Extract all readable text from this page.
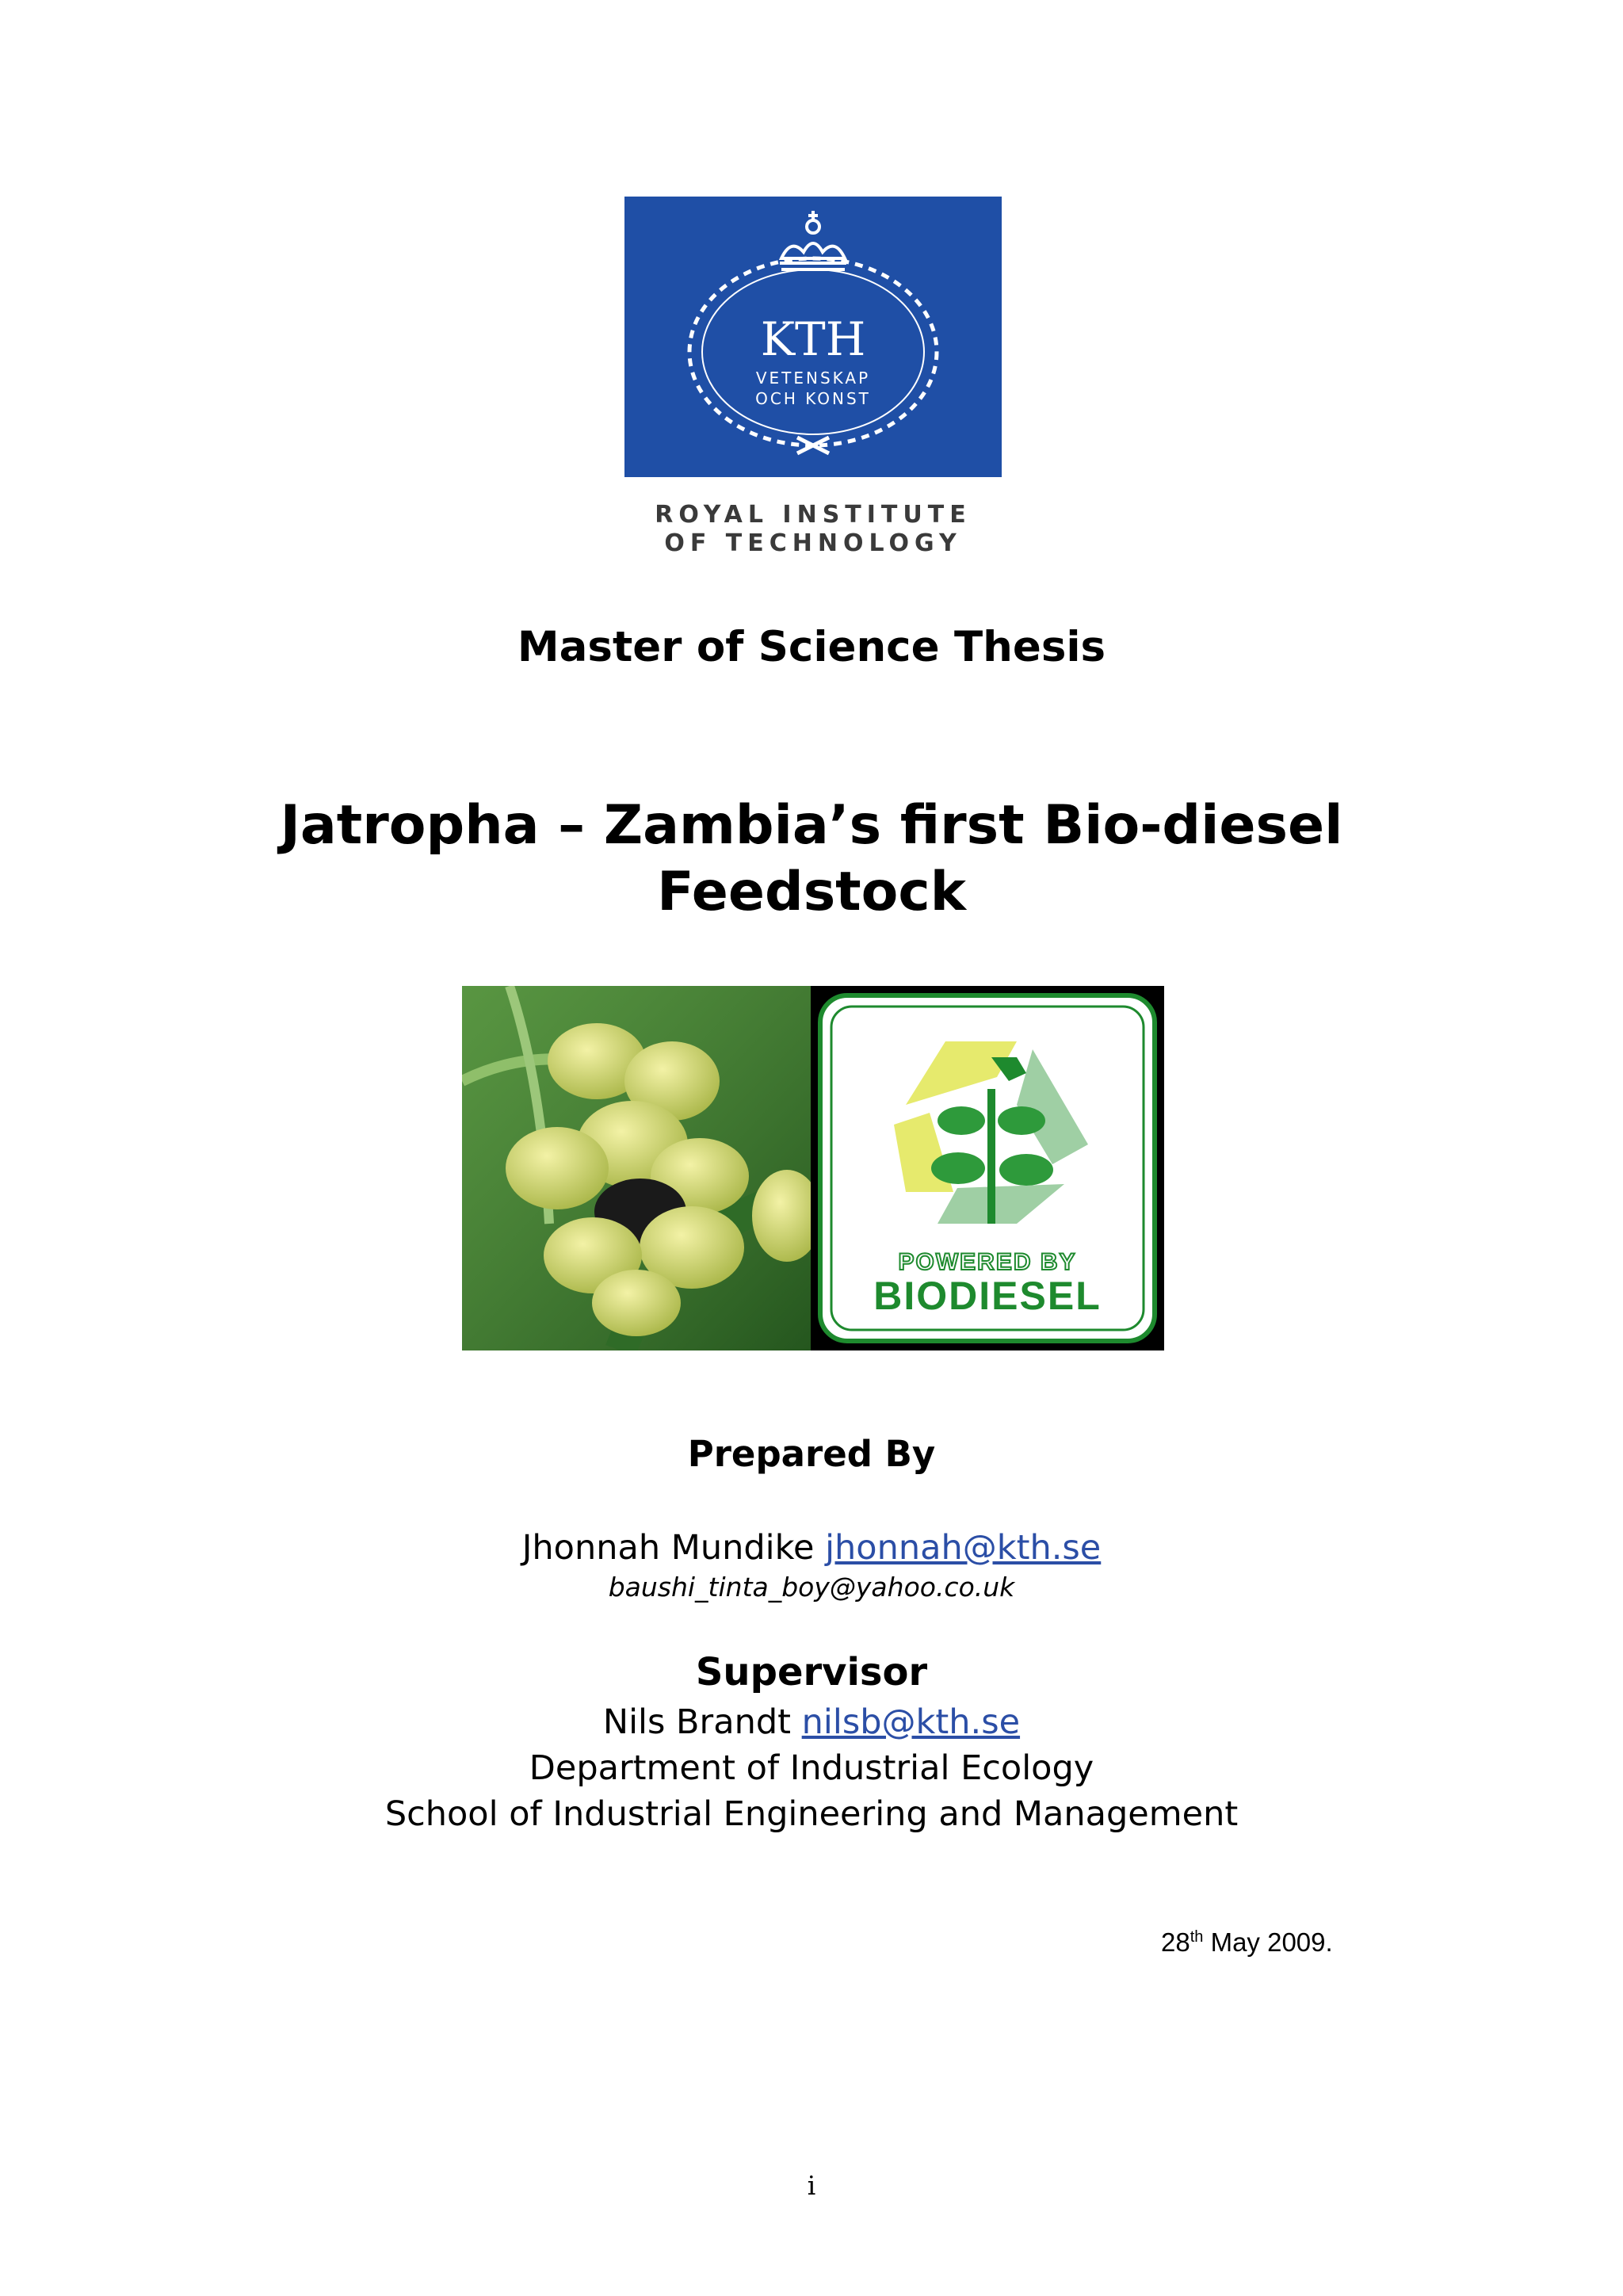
KTH
VETENSKAP
OCH KONST
ROYAL INSTITUTE
OF TECHNOLOGY
Master of Science Thesis
Jatropha – Zambia’s first Bio-diesel
Feedstock
POWERED BY
BIODIESEL
Prepared By
Jhonnah Mundike jhonnah@kth.se
baushi_tinta_boy@yahoo.co.uk
Supervisor
Nils Brandt nilsb@kth.se
Department of Industrial Ecology
School of Industrial Engineering and Management
28th May 2009.
i
